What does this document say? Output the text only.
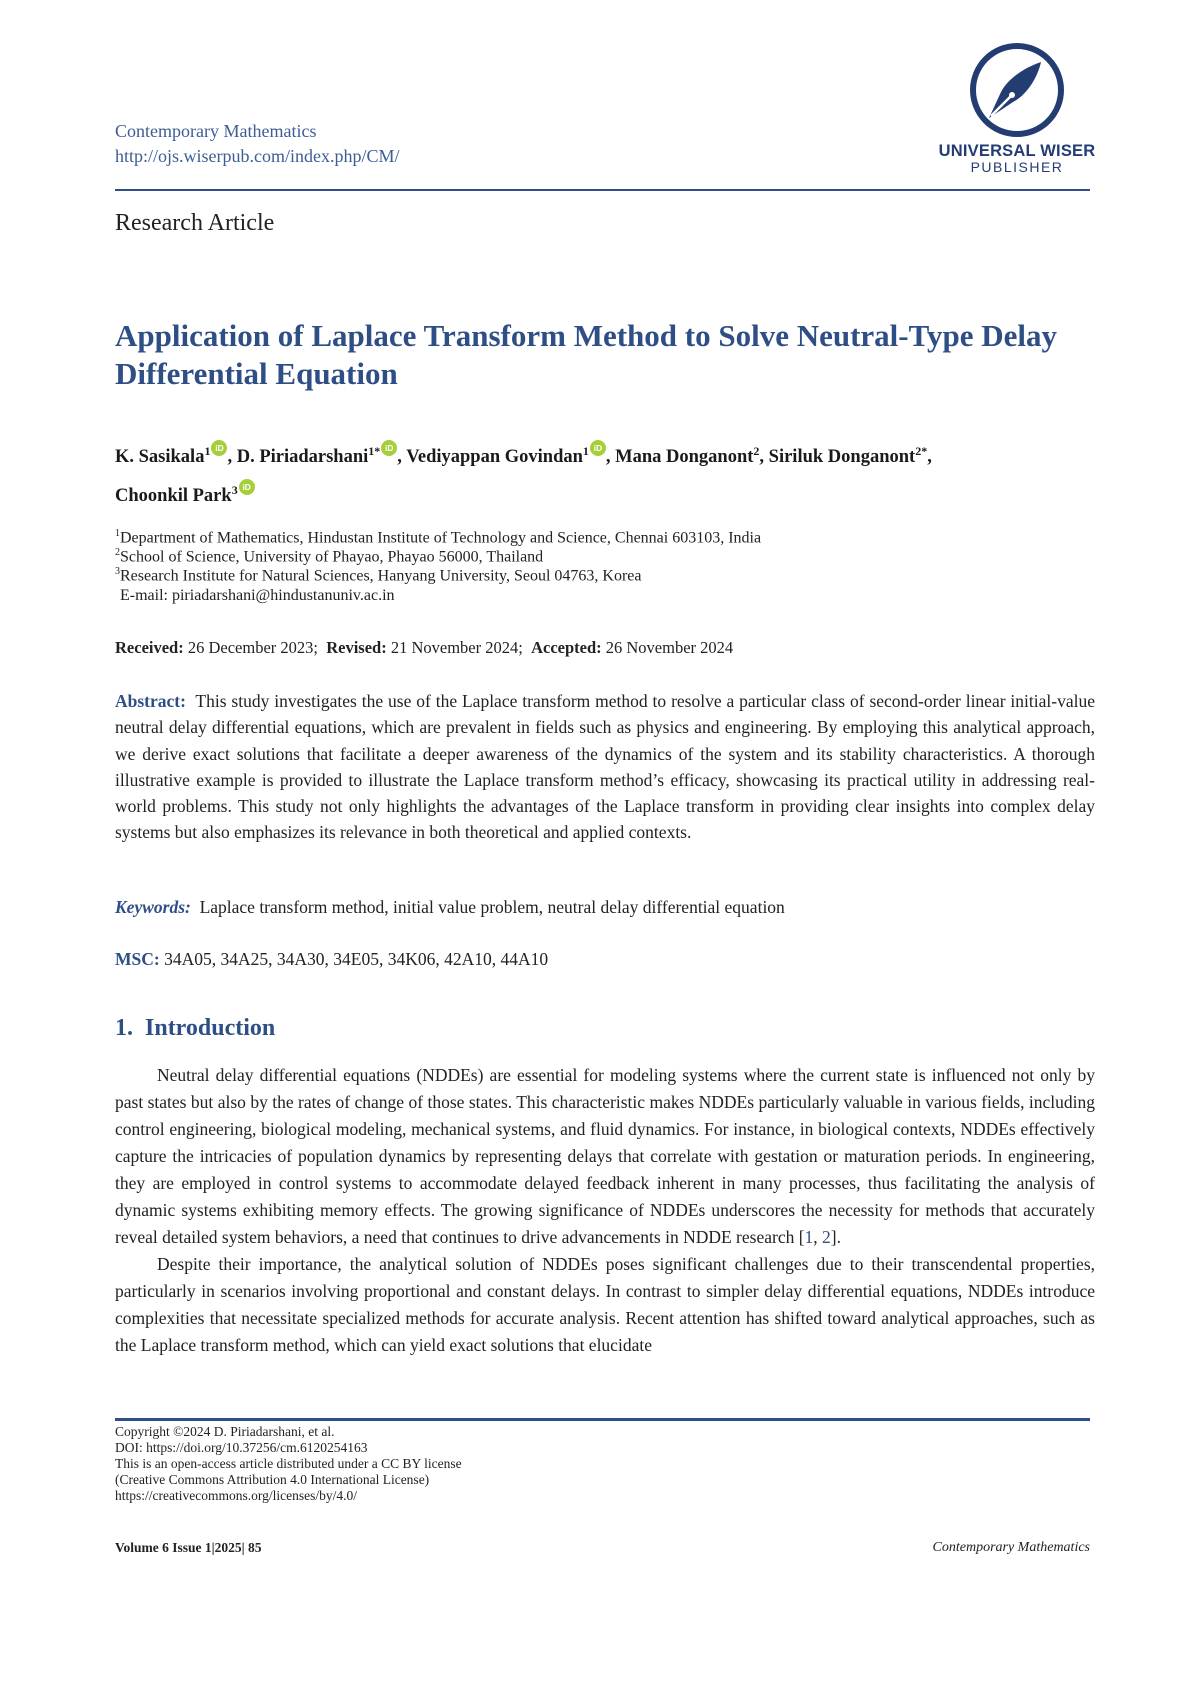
Contemporary Mathematics
http://ojs.wiserpub.com/index.php/CM/	UNIVERSAL WISER
PUBLISHER
Research Article
Application of Laplace Transform Method to Solve Neutral-Type Delay Differential Equation
K. Sasikala$^1$ iD , D. Piriadarshani$^{1*}$ iD , Vediyappan Govindan$^1$ iD , Mana Donganont$^2$, Siriluk Donganont$^{2*}$,
Choonkil Park$^3$ iD
$^1$Department of Mathematics, Hindustan Institute of Technology and Science, Chennai 603103, India
$^2$School of Science, University of Phayao, Phayao 56000, Thailand
$^3$Research Institute for Natural Sciences, Hanyang University, Seoul 04763, Korea
E-mail: piriadarshani@hindustanuniv.ac.in
Received: 26 December 2023; Revised: 21 November 2024; Accepted: 26 November 2024
Abstract: This study investigates the use of the Laplace transform method to resolve a particular class of second-order linear initial-value neutral delay differential equations, which are prevalent in fields such as physics and engineering. By employing this analytical approach, we derive exact solutions that facilitate a deeper awareness of the dynamics of the system and its stability characteristics. A thorough illustrative example is provided to illustrate the Laplace transform method’s efficacy, showcasing its practical utility in addressing real-world problems. This study not only highlights the advantages of the Laplace transform in providing clear insights into complex delay systems but also emphasizes its relevance in both theoretical and applied contexts.
Keywords: Laplace transform method, initial value problem, neutral delay differential equation
MSC: 34A05, 34A25, 34A30, 34E05, 34K06, 42A10, 44A10
1. Introduction

Neutral delay differential equations (NDDEs) are essential for modeling systems where the current state is influenced not only by past states but also by the rates of change of those states. This characteristic makes NDDEs particularly valuable in various fields, including control engineering, biological modeling, mechanical systems, and fluid dynamics. For instance, in biological contexts, NDDEs effectively capture the intricacies of population dynamics by representing delays that correlate with gestation or maturation periods. In engineering, they are employed in control systems to accommodate delayed feedback inherent in many processes, thus facilitating the analysis of dynamic systems exhibiting memory effects. The growing significance of NDDEs underscores the necessity for methods that accurately reveal detailed system behaviors, a need that continues to drive advancements in NDDE research [1, 2].

Despite their importance, the analytical solution of NDDEs poses significant challenges due to their transcendental properties, particularly in scenarios involving proportional and constant delays. In contrast to simpler delay differential equations, NDDEs introduce complexities that necessitate specialized methods for accurate analysis. Recent attention has shifted toward analytical approaches, such as the Laplace transform method, which can yield exact solutions that elucidate

Copyright ©2024 D. Piriadarshani, et al.
DOI: https://doi.org/10.37256/cm.6120254163
This is an open-access article distributed under a CC BY license
(Creative Commons Attribution 4.0 International License)
https://creativecommons.org/licenses/by/4.0/
Volume 6 Issue 1|2025| 85	Contemporary Mathematics
